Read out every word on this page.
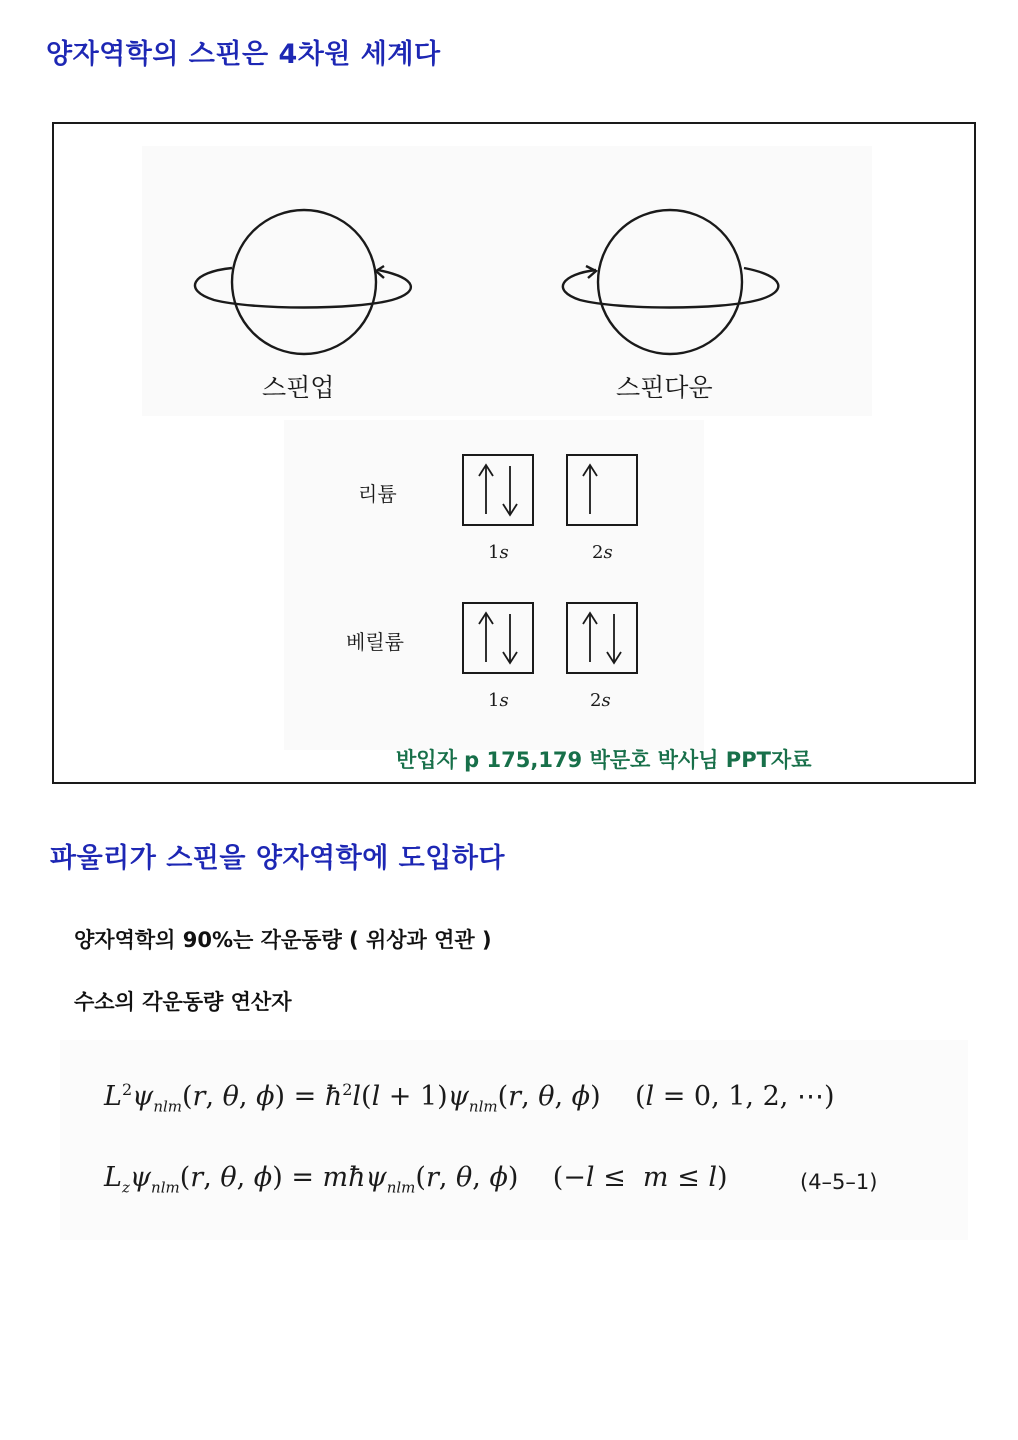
양자역학의 스핀은 4차원 세계다
스핀업	스핀다운
리튬
1s	2s
베릴륨
1s	2s
반입자 p 175,179 박문호 박사님 PPT자료
파울리가 스핀을 양자역학에 도입하다
양자역학의 90%는 각운동량 ( 위상과 연관 )
수소의 각운동량 연산자
$L^2\psi_{nlm}(r$, θ, $\phi) = ħ^2l(l + 1)\psi_{nlm}(r$, θ, ϕ)    (l = 0, 1, 2, ⋯)
$L_z\psi_{nlm}(r$, θ, ϕ) = mħψ$_{nlm}$(r, θ, ϕ)    (−l ≤  m ≤ l)	(4–5–1)
